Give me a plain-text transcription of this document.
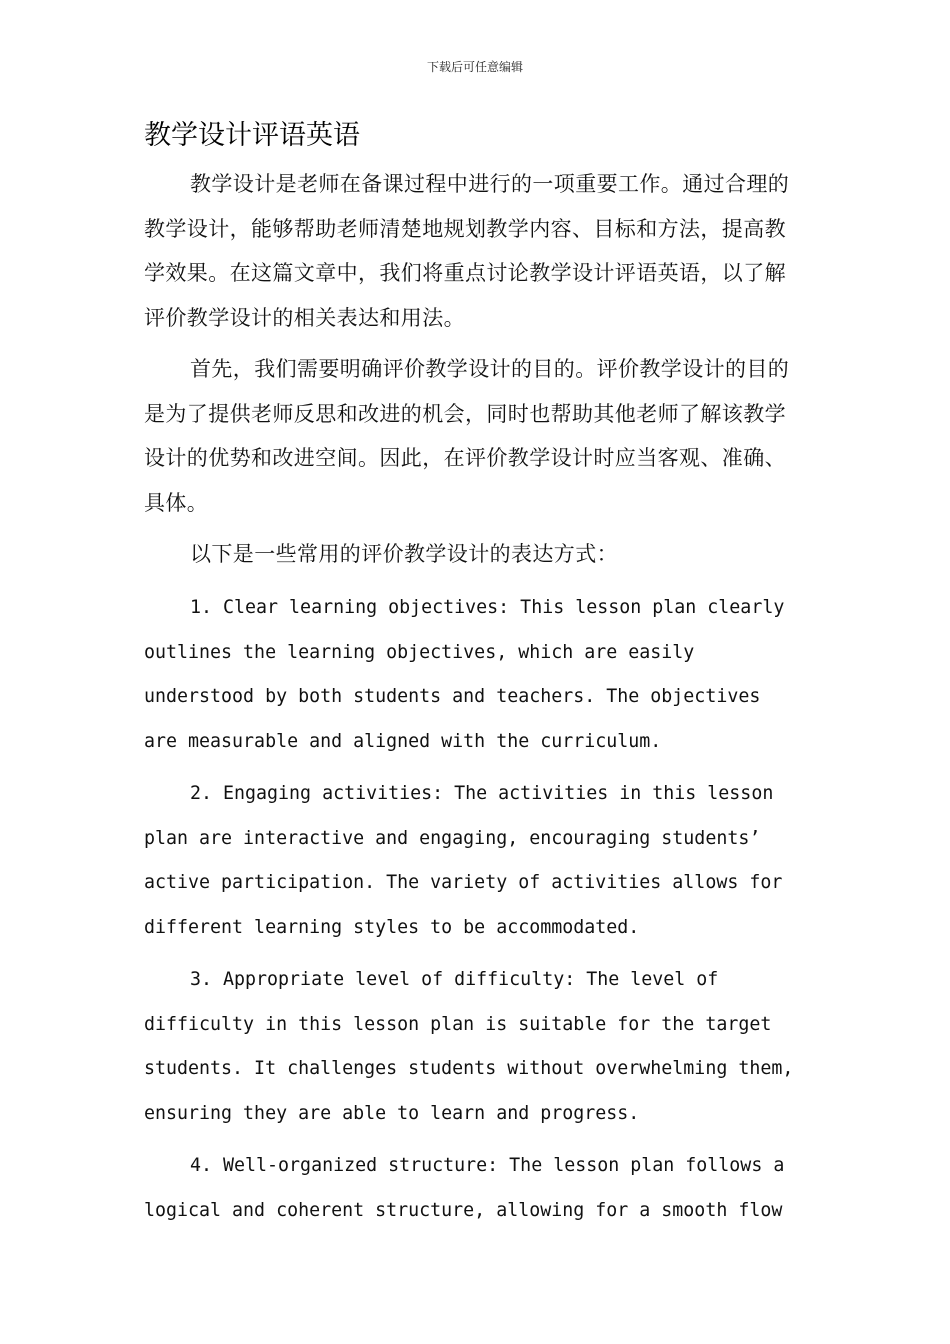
下载后可任意编辑
教学设计评语英语

教学设计是老师在备课过程中进行的一项重要工作。通过合理的教学设计，能够帮助老师清楚地规划教学内容、目标和方法，提高教学效果。在这篇文章中，我们将重点讨论教学设计评语英语，以了解评价教学设计的相关表达和用法。

首先，我们需要明确评价教学设计的目的。评价教学设计的目的是为了提供老师反思和改进的机会，同时也帮助其他老师了解该教学设计的优势和改进空间。因此，在评价教学设计时应当客观、准确、具体。

以下是一些常用的评价教学设计的表达方式：

1. Clear learning objectives: This lesson plan clearly outlines the learning objectives, which are easily understood by both students and teachers. The objectives are measurable and aligned with the curriculum.

2. Engaging activities: The activities in this lesson plan are interactive and engaging, encouraging students’ active participation. The variety of activities allows for different learning styles to be accommodated.

3. Appropriate level of difficulty: The level of difficulty in this lesson plan is suitable for the target students. It challenges students without overwhelming them, ensuring they are able to learn and progress.

4. Well-organized structure: The lesson plan follows a logical and coherent structure, allowing for a smooth flow
